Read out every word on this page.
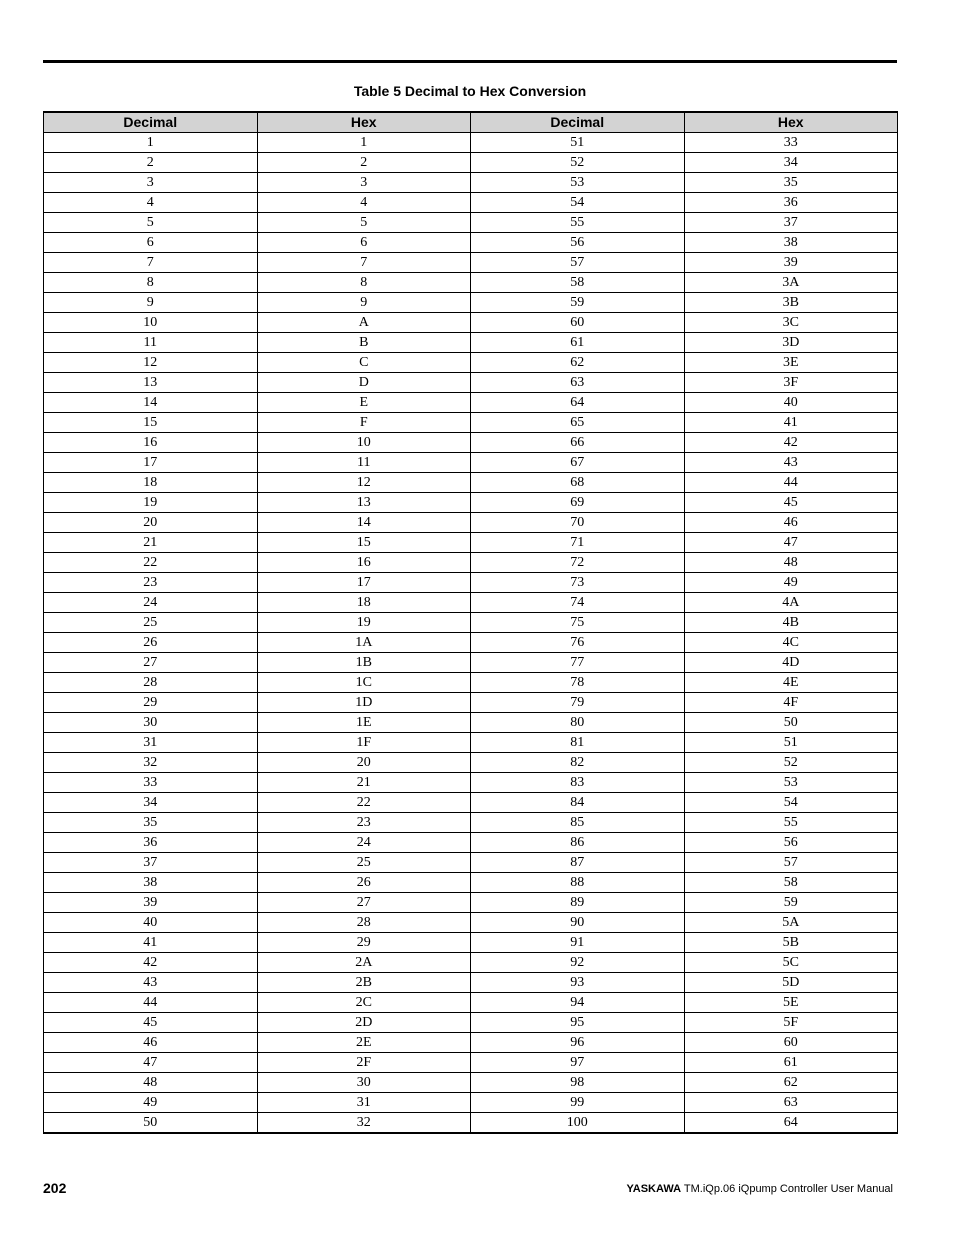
Table 5 Decimal to Hex Conversion
Decimal	Hex	Decimal	Hex
1	1	51	33
2	2	52	34
3	3	53	35
4	4	54	36
5	5	55	37
6	6	56	38
7	7	57	39
8	8	58	3A
9	9	59	3B
10	A	60	3C
11	B	61	3D
12	C	62	3E
13	D	63	3F
14	E	64	40
15	F	65	41
16	10	66	42
17	11	67	43
18	12	68	44
19	13	69	45
20	14	70	46
21	15	71	47
22	16	72	48
23	17	73	49
24	18	74	4A
25	19	75	4B
26	1A	76	4C
27	1B	77	4D
28	1C	78	4E
29	1D	79	4F
30	1E	80	50
31	1F	81	51
32	20	82	52
33	21	83	53
34	22	84	54
35	23	85	55
36	24	86	56
37	25	87	57
38	26	88	58
39	27	89	59
40	28	90	5A
41	29	91	5B
42	2A	92	5C
43	2B	93	5D
44	2C	94	5E
45	2D	95	5F
46	2E	96	60
47	2F	97	61
48	30	98	62
49	31	99	63
50	32	100	64
202	YASKAWA TM.iQp.06 iQpump Controller User Manual
